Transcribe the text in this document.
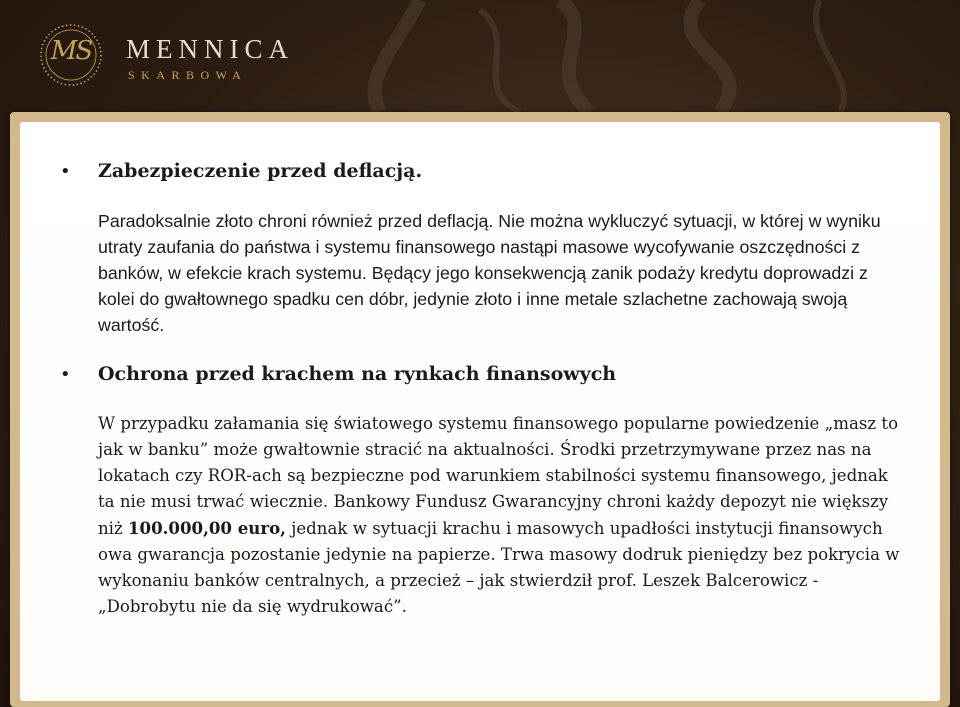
MS	MENNICA
SKARBOWA
• Zabezpieczenie przed deflacją.

Paradoksalnie złoto chroni również przed deflacją. Nie można wykluczyć sytuacji, w której w wyniku utraty zaufania do państwa i systemu finansowego nastąpi masowe wycofywanie oszczędności z banków, w efekcie krach systemu. Będący jego konsekwencją zanik podaży kredytu doprowadzi z kolei do gwałtownego spadku cen dóbr, jedynie złoto i inne metale szlachetne zachowają swoją wartość.

• Ochrona przed krachem na rynkach finansowych

W przypadku załamania się światowego systemu finansowego popularne powiedzenie „masz to jak w banku” może gwałtownie stracić na aktualności. Środki przetrzymywane przez nas na lokatach czy ROR-ach są bezpieczne pod warunkiem stabilności systemu finansowego, jednak ta nie musi trwać wiecznie. Bankowy Fundusz Gwarancyjny chroni każdy depozyt nie większy niż 100.000,00 euro, jednak w sytuacji krachu i masowych upadłości instytucji finansowych owa gwarancja pozostanie jedynie na papierze. Trwa masowy dodruk pieniędzy bez pokrycia w wykonaniu banków centralnych, a przecież – jak stwierdził prof. Leszek Balcerowicz - „Dobrobytu nie da się wydrukować”.
